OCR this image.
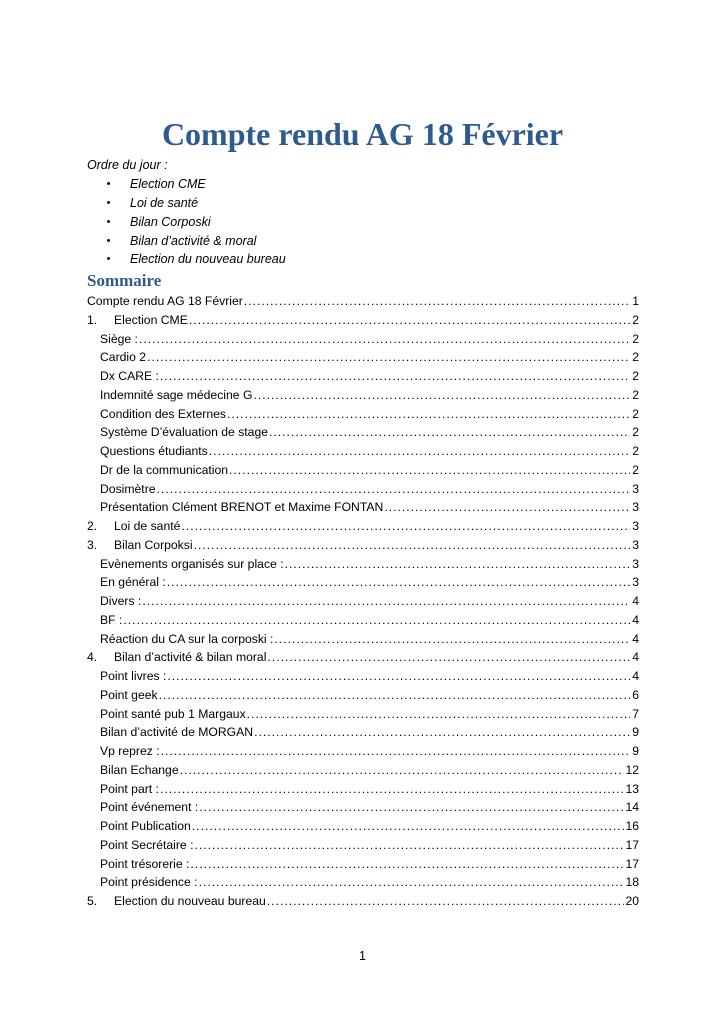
Compte rendu AG 18 Février
Ordre du jour :
•	Election CME
•	Loi de santé
•	Bilan Corposki
•	Bilan d’activité & moral
•	Election du nouveau bureau
Sommaire
Compte rendu AG 18 Février .....	1
1.	Election CME .....	2
Siège : .....	2
Cardio 2 .....	2
Dx CARE : .....	2
Indemnité sage médecine G .....	2
Condition des Externes .....	2
Système D’évaluation de stage .....	2
Questions étudiants .....	2
Dr de la communication .....	2
Dosimètre .....	3
Présentation Clément BRENOT et Maxime FONTAN .....	3
2.	Loi de santé .....	3
3.	Bilan Corpoksi .....	3
Evènements organisés sur place : .....	3
En général : .....	3
Divers : .....	4
BF : .....	4
Réaction du CA sur la corposki : .....	4
4.	Bilan d’activité & bilan moral .....	4
Point livres : .....	4
Point geek .....	6
Point santé pub 1 Margaux .....	7
Bilan d’activité de MORGAN .....	9
Vp reprez : .....	9
Bilan Echange .....	12
Point part : .....	13
Point événement : .....	14
Point Publication .....	16
Point Secrétaire : .....	17
Point trésorerie : .....	17
Point présidence : .....	18
5.	Election du nouveau bureau .....	20
1
